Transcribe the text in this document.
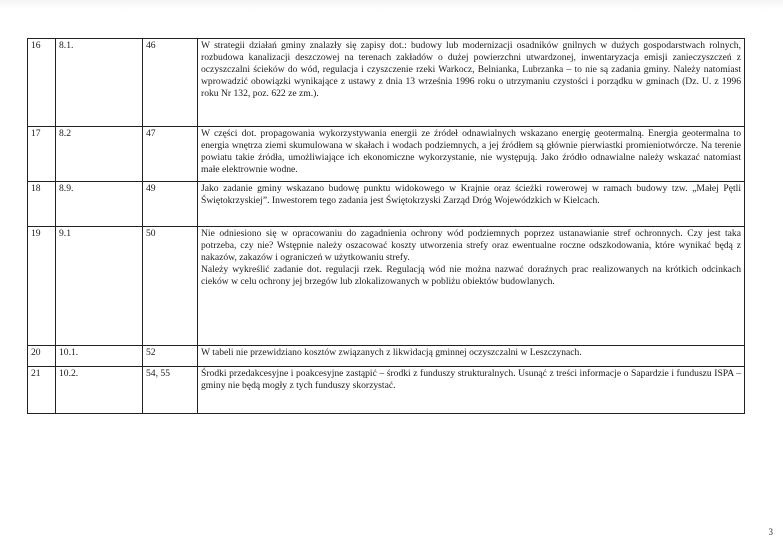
16	8.1.	46	W strategii działań gminy znalazły się zapisy dot.: budowy lub modernizacji osadników gnilnych w dużych gospodarstwach rolnych, rozbudowa kanalizacji deszczowej na terenach zakładów o dużej powierzchni utwardzonej, inwentaryzacja emisji zanieczyszczeń z oczyszczalni ścieków do wód, regulacja i czyszczenie rzeki Warkocz, Belnianka, Lubrzanka – to nie są zadania gminy. Należy natomiast wprowadzić obowiązki wynikające z ustawy z dnia 13 września 1996 roku o utrzymaniu czystości i porządku w gminach (Dz. U. z 1996 roku Nr 132, poz. 622 ze zm.).
17	8.2	47	W części dot. propagowania wykorzystywania energii ze źródeł odnawialnych wskazano energię geotermalną. Energia geotermalna to energia wnętrza ziemi skumulowana w skałach i wodach podziemnych, a jej źródłem są głównie pierwiastki promieniotwórcze. Na terenie powiatu takie źródła, umożliwiające ich ekonomiczne wykorzystanie, nie występują. Jako źródło odnawialne należy wskazać natomiast małe elektrownie wodne.
18	8.9.	49	Jako zadanie gminy wskazano budowę punktu widokowego w Krajnie oraz ścieżki rowerowej w ramach budowy tzw. „Małej Pętli Świętokrzyskiej”. Inwestorem tego zadania jest Świętokrzyski Zarząd Dróg Wojewódzkich w Kielcach.
19	9.1	50	Nie odniesiono się w opracowaniu do zagadnienia ochrony wód podziemnych poprzez ustanawianie stref ochronnych. Czy jest taka potrzeba, czy nie? Wstępnie należy oszacować koszty utworzenia strefy oraz ewentualne roczne odszkodowania, które wynikać będą z nakazów, zakazów i ograniczeń w użytkowaniu strefy.
Należy wykreślić zadanie dot. regulacji rzek. Regulacją wód nie można nazwać doraźnych prac realizowanych na krótkich odcinkach cieków w celu ochrony jej brzegów lub zlokalizowanych w pobliżu obiektów budowlanych.

20	10.1.	52	W tabeli nie przewidziano kosztów związanych z likwidacją gminnej oczyszczalni w Leszczynach.
21	10.2.	54, 55	Środki przedakcesyjne i poakcesyjne zastąpić – środki z funduszy strukturalnych. Usunąć z treści informacje o Sapardzie i funduszu ISPA – gminy nie będą mogły z tych funduszy skorzystać.
3
